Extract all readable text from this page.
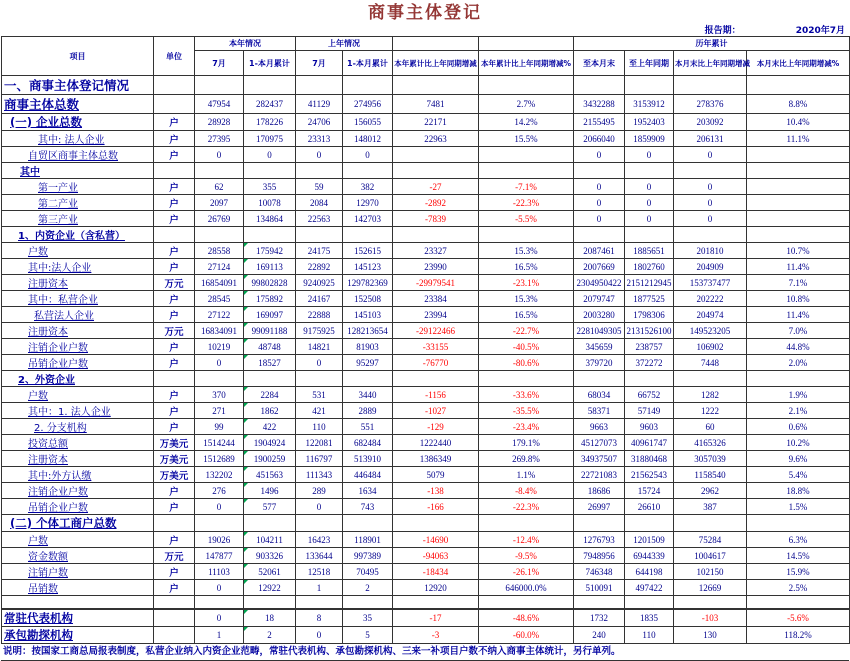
商事主体登记
报告期：	2020年7月
项目	单位	本年情况		上年情况				历年累计			
		7月	1-本月累计	7月	1-本月累计	本年累计比上年同期增减	本年累计比上年同期增减%	至本月末	至上年同期	本月末比上年同期增减	本月末比上年同期增减%
一、商事主体登记情况											
商事主体总数		47954	282437	41129	274956	7481	2.7%	3432288	3153912	278376	8.8%
(一) 企业总数	户	28928	178226	24706	156055	22171	14.2%	2155495	1952403	203092	10.4%
其中: 法人企业	户	27395	170975	23313	148012	22963	15.5%	2066040	1859909	206131	11.1%
自贸区商事主体总数	户	0	0	0	0			0	0	0	
其中											
第一产业	户	62	355	59	382	-27	-7.1%	0	0	0	
第二产业	户	2097	10078	2084	12970	-2892	-22.3%	0	0	0	
第三产业	户	26769	134864	22563	142703	-7839	-5.5%	0	0	0	
1、内资企业（含私营）											
户数	户	28558	175942	24175	152615	23327	15.3%	2087461	1885651	201810	10.7%
其中:法人企业	户	27124	169113	22892	145123	23990	16.5%	2007669	1802760	204909	11.4%
注册资本	万元	16854091	99802828	9240925	129782369	-29979541	-23.1%	2304950422	2151212945	153737477	7.1%
其中：私营企业	户	28545	175892	24167	152508	23384	15.3%	2079747	1877525	202222	10.8%
私营法人企业	户	27122	169097	22888	145103	23994	16.5%	2003280	1798306	204974	11.4%
注册资本	万元	16834091	99091188	9175925	128213654	-29122466	-22.7%	2281049305	2131526100	149523205	7.0%
注销企业户数	户	10219	48748	14821	81903	-33155	-40.5%	345659	238757	106902	44.8%
吊销企业户数	户	0	18527	0	95297	-76770	-80.6%	379720	372272	7448	2.0%
2、外资企业											
户数	户	370	2284	531	3440	-1156	-33.6%	68034	66752	1282	1.9%
其中：1. 法人企业	户	271	1862	421	2889	-1027	-35.5%	58371	57149	1222	2.1%
2. 分支机构	户	99	422	110	551	-129	-23.4%	9663	9603	60	0.6%
投资总额	万美元	1514244	1904924	122081	682484	1222440	179.1%	45127073	40961747	4165326	10.2%
注册资本	万美元	1512689	1900259	116797	513910	1386349	269.8%	34937507	31880468	3057039	9.6%
其中:外方认缴	万美元	132202	451563	111343	446484	5079	1.1%	22721083	21562543	1158540	5.4%
注销企业户数	户	276	1496	289	1634	-138	-8.4%	18686	15724	2962	18.8%
吊销企业户数	户	0	577	0	743	-166	-22.3%	26997	26610	387	1.5%
(二) 个体工商户总数											
户数	户	19026	104211	16423	118901	-14690	-12.4%	1276793	1201509	75284	6.3%
资金数额	万元	147877	903326	133644	997389	-94063	-9.5%	7948956	6944339	1004617	14.5%
注销户数	户	11103	52061	12518	70495	-18434	-26.1%	746348	644198	102150	15.9%
吊销数	户	0	12922	1	2	12920	646000.0%	510091	497422	12669	2.5%

常驻代表机构		0	18	8	35	-17	-48.6%	1732	1835	-103	-5.6%
承包勘探机构		1	2	0	5	-3	-60.0%	240	110	130	118.2%
说明：按国家工商总局报表制度，私营企业纳入内资企业范畴，常驻代表机构、承包勘探机构、三来一补项目户数不纳入商事主体统计，另行单列。
